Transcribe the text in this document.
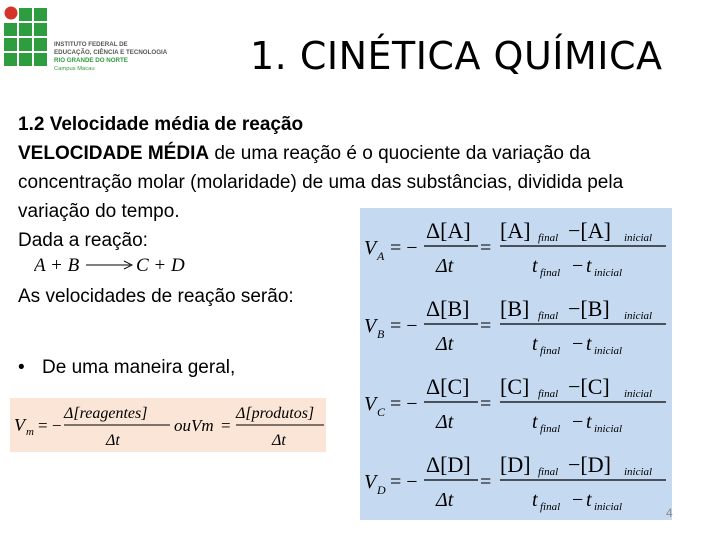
INSTITUTO FEDERAL DE
EDUCAÇÃO, CIÊNCIA E TECNOLOGIA
RIO GRANDE DO NORTE
Campus Macau	1. CINÉTICA QUÍMICA

1.2 Velocidade média de reação

VELOCIDADE MÉDIA de uma reação é o quociente da variação da concentração molar (molaridade) de uma das substâncias, dividida pela variação do tempo.

Dada a reação:

A + B	C + D
As velocidades de reação serão:
• De uma maneira geral,
V m = −
Δ[reagentes]
Δt
ouVm =
Δ[produtos]
Δt
V A = −
Δ[A]
Δt
=
[A] final −[A] inicial
t final − t inicial
V B = −
Δ[B]
Δt
=
[B] final −[B] inicial
t final − t inicial
V C = −
Δ[C]
Δt
=
[C] final −[C] inicial
t final − t inicial
V D = −
Δ[D]
Δt
=
[D] final −[D] inicial
t final − t inicial	4
